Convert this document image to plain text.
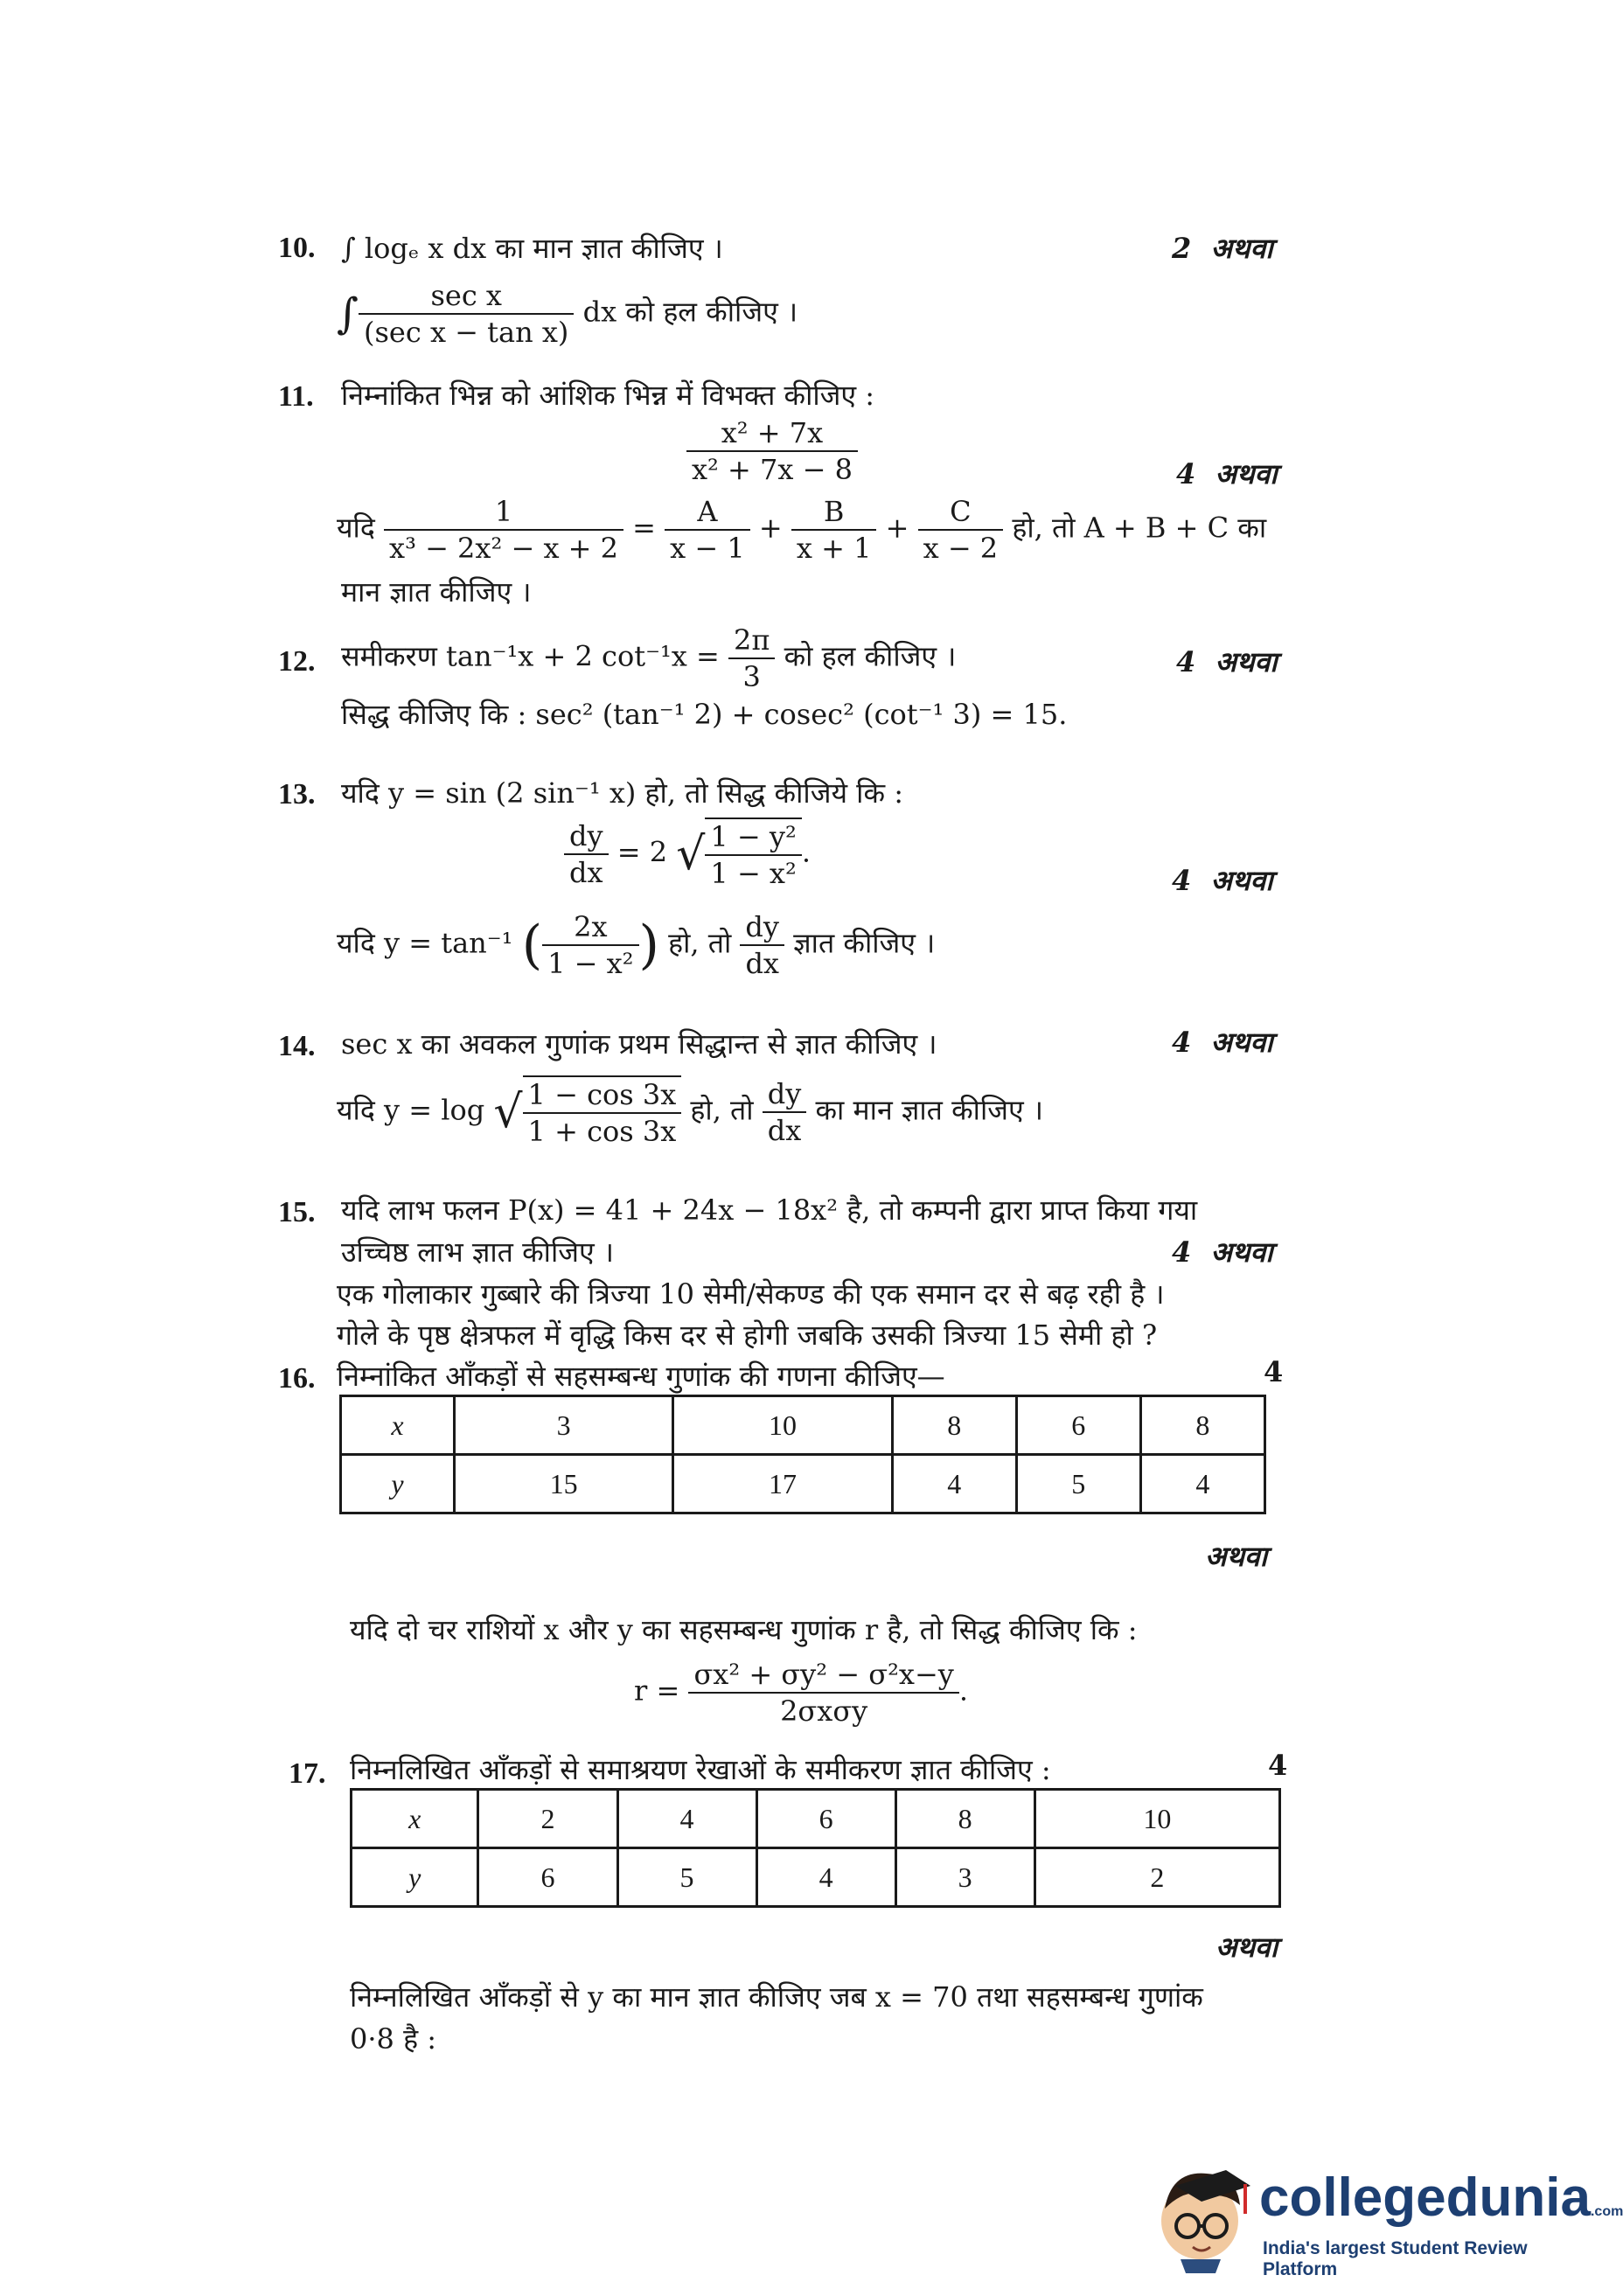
10. ∫ logₑ x dx का मान ज्ञात कीजिए ।	2 अथवा
∫ $\frac{\text{sec x}}{\text{(sec x − tan x)}}$ dx को हल कीजिए ।
11. निम्नांकित भिन्न को आंशिक भिन्न में विभक्त कीजिए :
$\frac{\text{x² + 7x}}{\text{x² + 7x − 8}}$	4 अथवा
यदि $\frac{1}{\text{x³ − 2x² − x + 2}} = \frac{A}{x - 1} + \frac{B}{x + 1} + \frac{C}{x - 2}$ हो, तो A + B + C का
मान ज्ञात कीजिए ।
12. समीकरण tan⁻¹x + 2 $\cot^{-1}x = \frac{2\pi}{3}$ को हल कीजिए ।	4 अथवा
सिद्ध कीजिए कि : sec² (tan⁻¹ 2) + cosec² (cot⁻¹ 3) = 15.
13. यदि y = sin (2 sin⁻¹ x) हो, तो सिद्ध कीजिये कि :
$\frac{dy}{dx} = 2$ √ $\frac{\text{1 − y²}}{\text{1 − x²}}$ .
4 अथवा
यदि y = tan⁻¹ ( $\frac{2x}{\text{1 − x²}}$ ) हो, तो $\frac{dy}{dx}$ ज्ञात कीजिए ।
14. sec x का अवकल गुणांक प्रथम सिद्धान्त से ज्ञात कीजिए ।	4 अथवा
यदि y = log √ $\frac{1 - \cos 3x}{1 + \cos 3x}$ हो, तो $\frac{dy}{dx}$ का मान ज्ञात कीजिए ।
15. यदि लाभ फलन P(x) = 41 + 24x − 18x² है, तो कम्पनी द्वारा प्राप्त किया गया
उच्चिष्ठ लाभ ज्ञात कीजिए ।	4 अथवा
एक गोलाकार गुब्बारे की त्रिज्या 10 सेमी/सेकण्ड की एक समान दर से बढ़ रही है ।
गोले के पृष्ठ क्षेत्रफल में वृद्धि किस दर से होगी जबकि उसकी त्रिज्या 15 सेमी हो ?
16. निम्नांकित आँकड़ों से सहसम्बन्ध गुणांक की गणना कीजिए—	4
x	3	10	8	6	8
y	15	17	4	5	4
अथवा
यदि दो चर राशियों x और y का सहसम्बन्ध गुणांक r है, तो सिद्ध कीजिए कि :
$r = \frac{\text{σx² + σy² − σ²x−y}}{\text{2σxσy}}$ .
17. निम्नलिखित आँकड़ों से समाश्रयण रेखाओं के समीकरण ज्ञात कीजिए :	4
x	2	4	6	8	10
y	6	5	4	3	2
अथवा
निम्नलिखित आँकड़ों से y का मान ज्ञात कीजिए जब x = 70 तथा सहसम्बन्ध गुणांक
0·8 है :
collegedunia.com
India's largest Student Review Platform
